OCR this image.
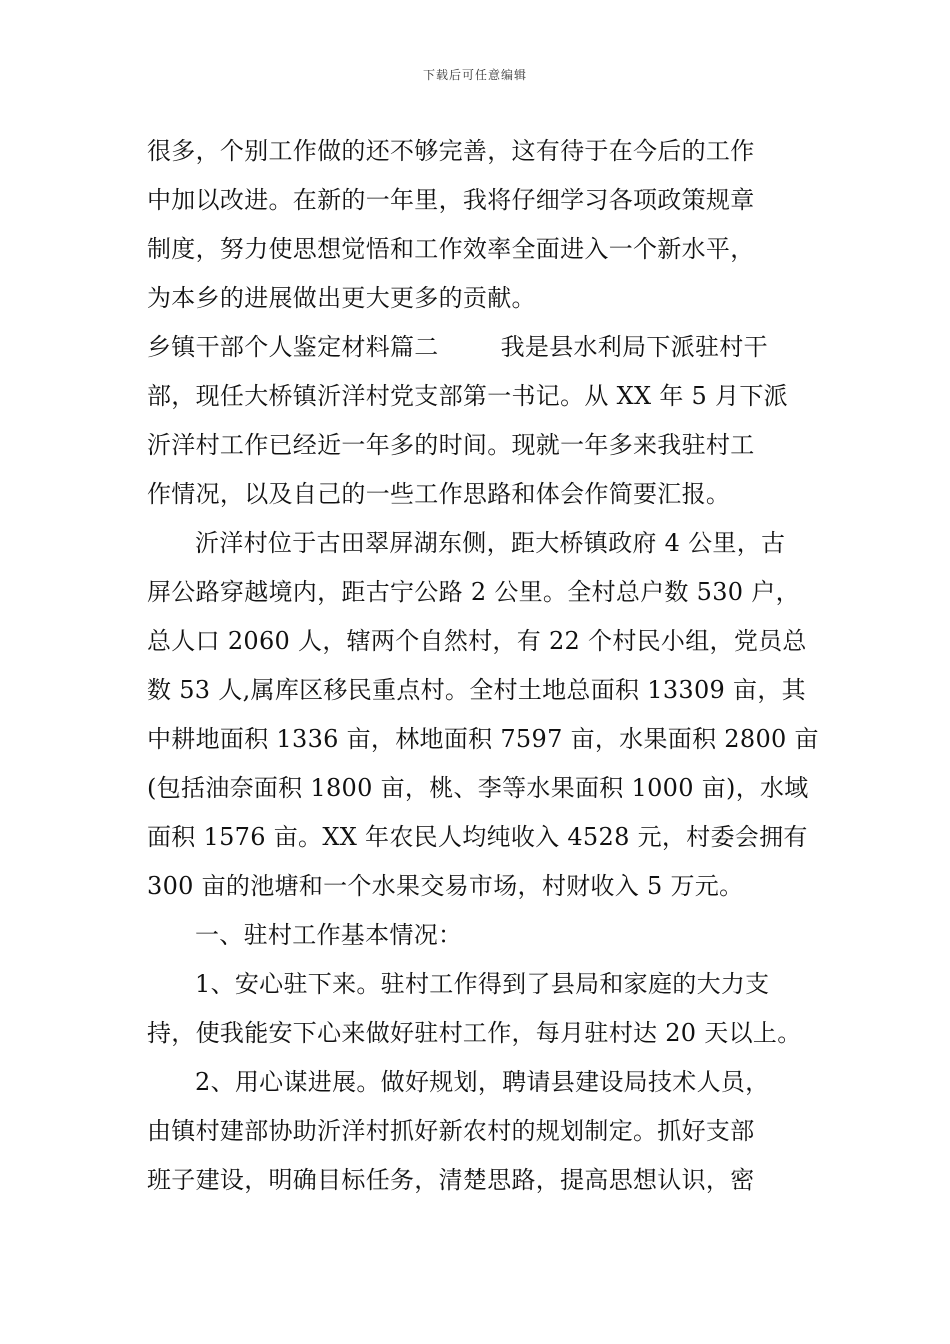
下载后可任意编辑
很多，个别工作做的还不够完善，这有待于在今后的工作
中加以改进。在新的一年里，我将仔细学习各项政策规章
制度，努力使思想觉悟和工作效率全面进入一个新水平，
为本乡的进展做出更大更多的贡献。
乡镇干部个人鉴定材料篇二	我是县水利局下派驻村干
部，现任大桥镇沂洋村党支部第一书记。从 XX 年 5 月下派
沂洋村工作已经近一年多的时间。现就一年多来我驻村工
作情况，以及自己的一些工作思路和体会作简要汇报。
沂洋村位于古田翠屏湖东侧，距大桥镇政府 4 公里，古
屏公路穿越境内，距古宁公路 2 公里。全村总户数 530 户，
总人口 2060 人，辖两个自然村，有 22 个村民小组，党员总
数 53 人,属库区移民重点村。全村土地总面积 13309 亩，其
中耕地面积 1336 亩，林地面积 7597 亩，水果面积 2800 亩
(包括油奈面积 1800 亩，桃、李等水果面积 1000 亩)，水域
面积 1576 亩。XX 年农民人均纯收入 4528 元，村委会拥有
300 亩的池塘和一个水果交易市场，村财收入 5 万元。
一、驻村工作基本情况：
1、安心驻下来。驻村工作得到了县局和家庭的大力支
持，使我能安下心来做好驻村工作，每月驻村达 20 天以上。
2、用心谋进展。做好规划，聘请县建设局技术人员，
由镇村建部协助沂洋村抓好新农村的规划制定。抓好支部
班子建设，明确目标任务，清楚思路，提高思想认识，密
